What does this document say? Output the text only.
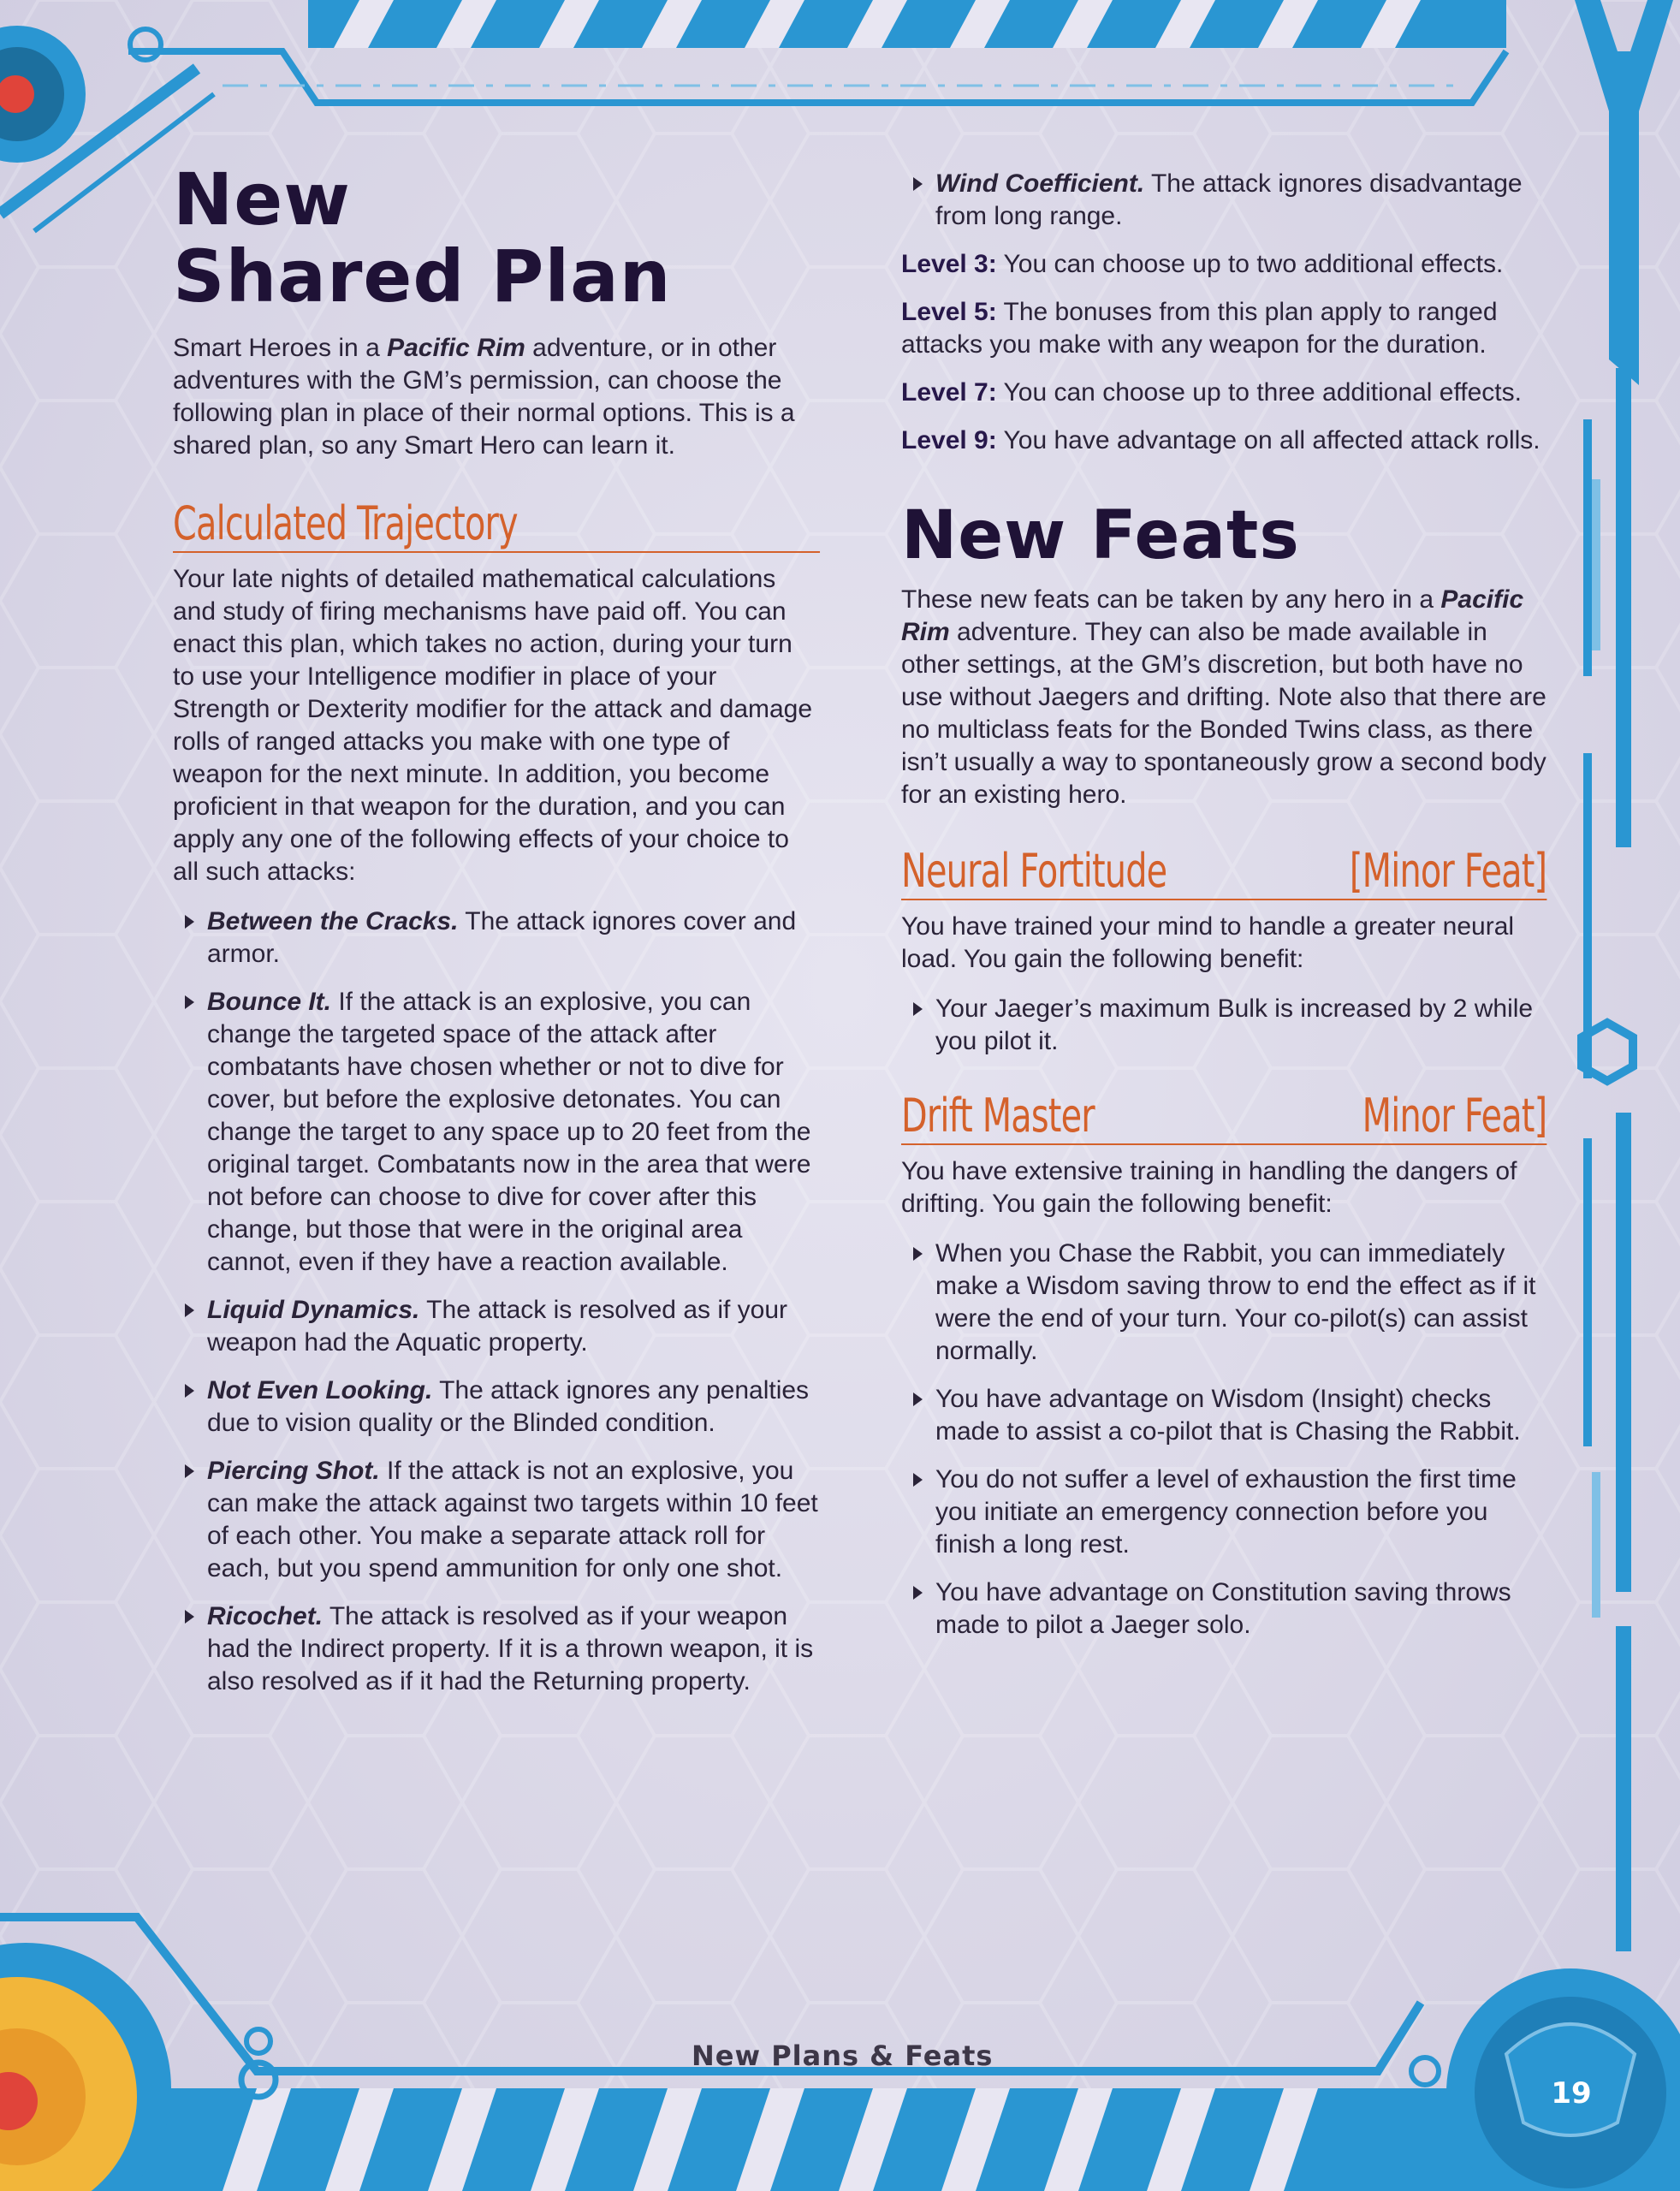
New
Shared Plan

Smart Heroes in a Pacific Rim adventure, or in other adventures with the GM’s permission, can choose the following plan in place of their normal options. This is a shared plan, so any Smart Hero can learn it.

Calculated Trajectory

Your late nights of detailed mathematical calculations and study of firing mechanisms have paid off. You can enact this plan, which takes no action, during your turn to use your Intelligence modifier in place of your Strength or Dexterity modifier for the attack and damage rolls of ranged attacks you make with one type of weapon for the next minute. In addition, you become proficient in that weapon for the duration, and you can apply any one of the following effects of your choice to all such attacks:

Between the Cracks. The attack ignores cover and armor.
Bounce It. If the attack is an explosive, you can change the targeted space of the attack after combatants have chosen whether or not to dive for cover, but before the explosive detonates. You can change the target to any space up to 20 feet from the original target. Combatants now in the area that were not before can choose to dive for cover after this change, but those that were in the original area cannot, even if they have a reaction available.
Liquid Dynamics. The attack is resolved as if your weapon had the Aquatic property.
Not Even Looking. The attack ignores any penalties due to vision quality or the Blinded condition.
Piercing Shot. If the attack is not an explosive, you can make the attack against two targets within 10 feet of each other. You make a separate attack roll for each, but you spend ammunition for only one shot.
Ricochet. The attack is resolved as if your weapon had the Indirect property. If it is a thrown weapon, it is also resolved as if it had the Returning property.
Wind Coefficient. The attack ignores disadvantage from long range.

Level 3: You can choose up to two additional effects.

Level 5: The bonuses from this plan apply to ranged attacks you make with any weapon for the duration.

Level 7: You can choose up to three additional effects.

Level 9: You have advantage on all affected attack rolls.

New Feats

These new feats can be taken by any hero in a Pacific Rim adventure. They can also be made available in other settings, at the GM’s discretion, but both have no use without Jaegers and drifting. Note also that there are no multiclass feats for the Bonded Twins class, as there isn’t usually a way to spontaneously grow a second body for an existing hero.

Neural Fortitude	[Minor Feat]

You have trained your mind to handle a greater neural load. You gain the following benefit:

Your Jaeger’s maximum Bulk is increased by 2 while you pilot it.
Drift Master	Minor Feat]

You have extensive training in handling the dangers of drifting. You gain the following benefit:

When you Chase the Rabbit, you can immediately make a Wisdom saving throw to end the effect as if it were the end of your turn. Your co-pilot(s) can assist normally.
You have advantage on Wisdom (Insight) checks made to assist a co-pilot that is Chasing the Rabbit.
You do not suffer a level of exhaustion the first time you initiate an emergency connection before you finish a long rest.
You have advantage on Constitution saving throws made to pilot a Jaeger solo.
New Plans & Feats
19
